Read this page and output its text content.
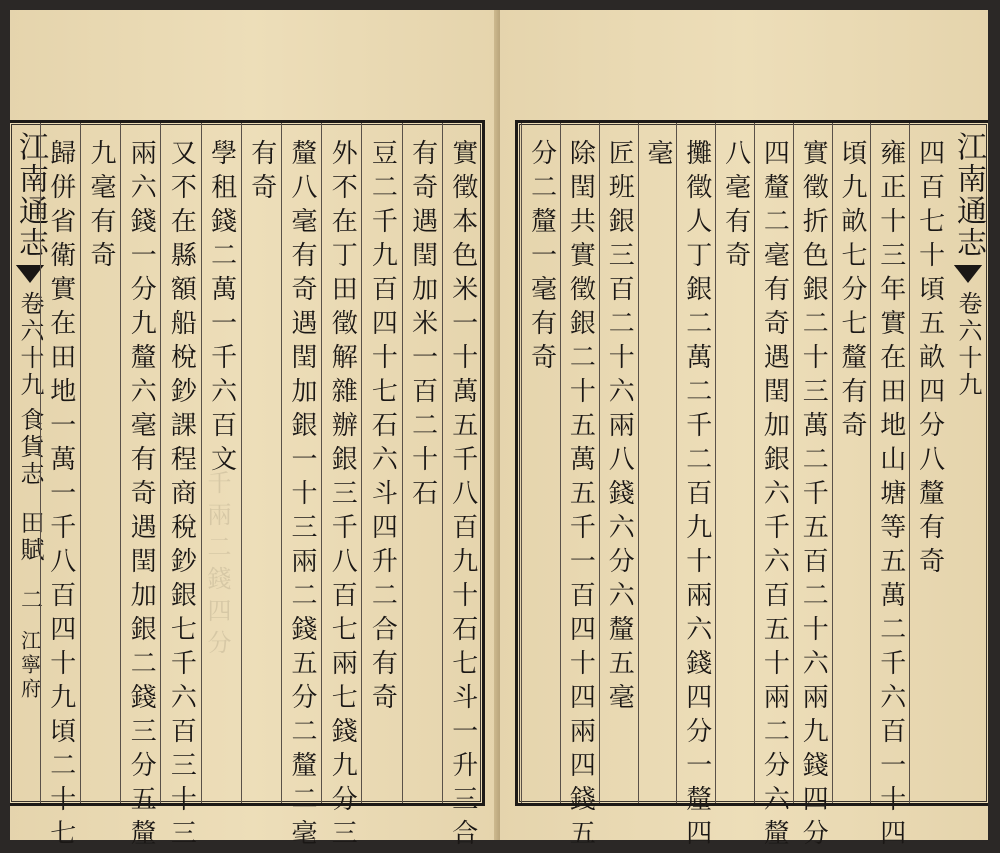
千兩二錢四分
江南通志
卷六十九
食貨志
田賦
二
江寧府	實徵本色米一十萬五千八百九十石七斗一升三合
有奇遇閏加米一百二十石
豆二千九百四十七石六斗四升二合有奇
外不在丁田徵解雜辦銀三千八百七兩七錢九分三
釐八毫有奇遇閏加銀一十三兩二錢五分二釐二毫
有奇
學租錢二萬一千六百文
又不在縣額船梲鈔課程商稅鈔銀七千六百三十三
兩六錢一分九釐六毫有奇遇閏加銀二錢三分五釐
九毫有奇
歸併省衛實在田地一萬一千八百四十九頃二十七	江南通志
卷六十九
四百七十頃五畝四分八釐有奇
雍正十三年實在田地山塘等五萬二千六百一十四
頃九畝七分七釐有奇
實徵折色銀二十三萬二千五百二十六兩九錢四分
四釐二毫有奇遇閏加銀六千六百五十兩二分六釐
八毫有奇
攤徵人丁銀二萬二千二百九十兩六錢四分一釐四
毫
匠班銀三百二十六兩八錢六分六釐五毫
除閏共實徵銀二十五萬五千一百四十四兩四錢五
分二釐一毫有奇
